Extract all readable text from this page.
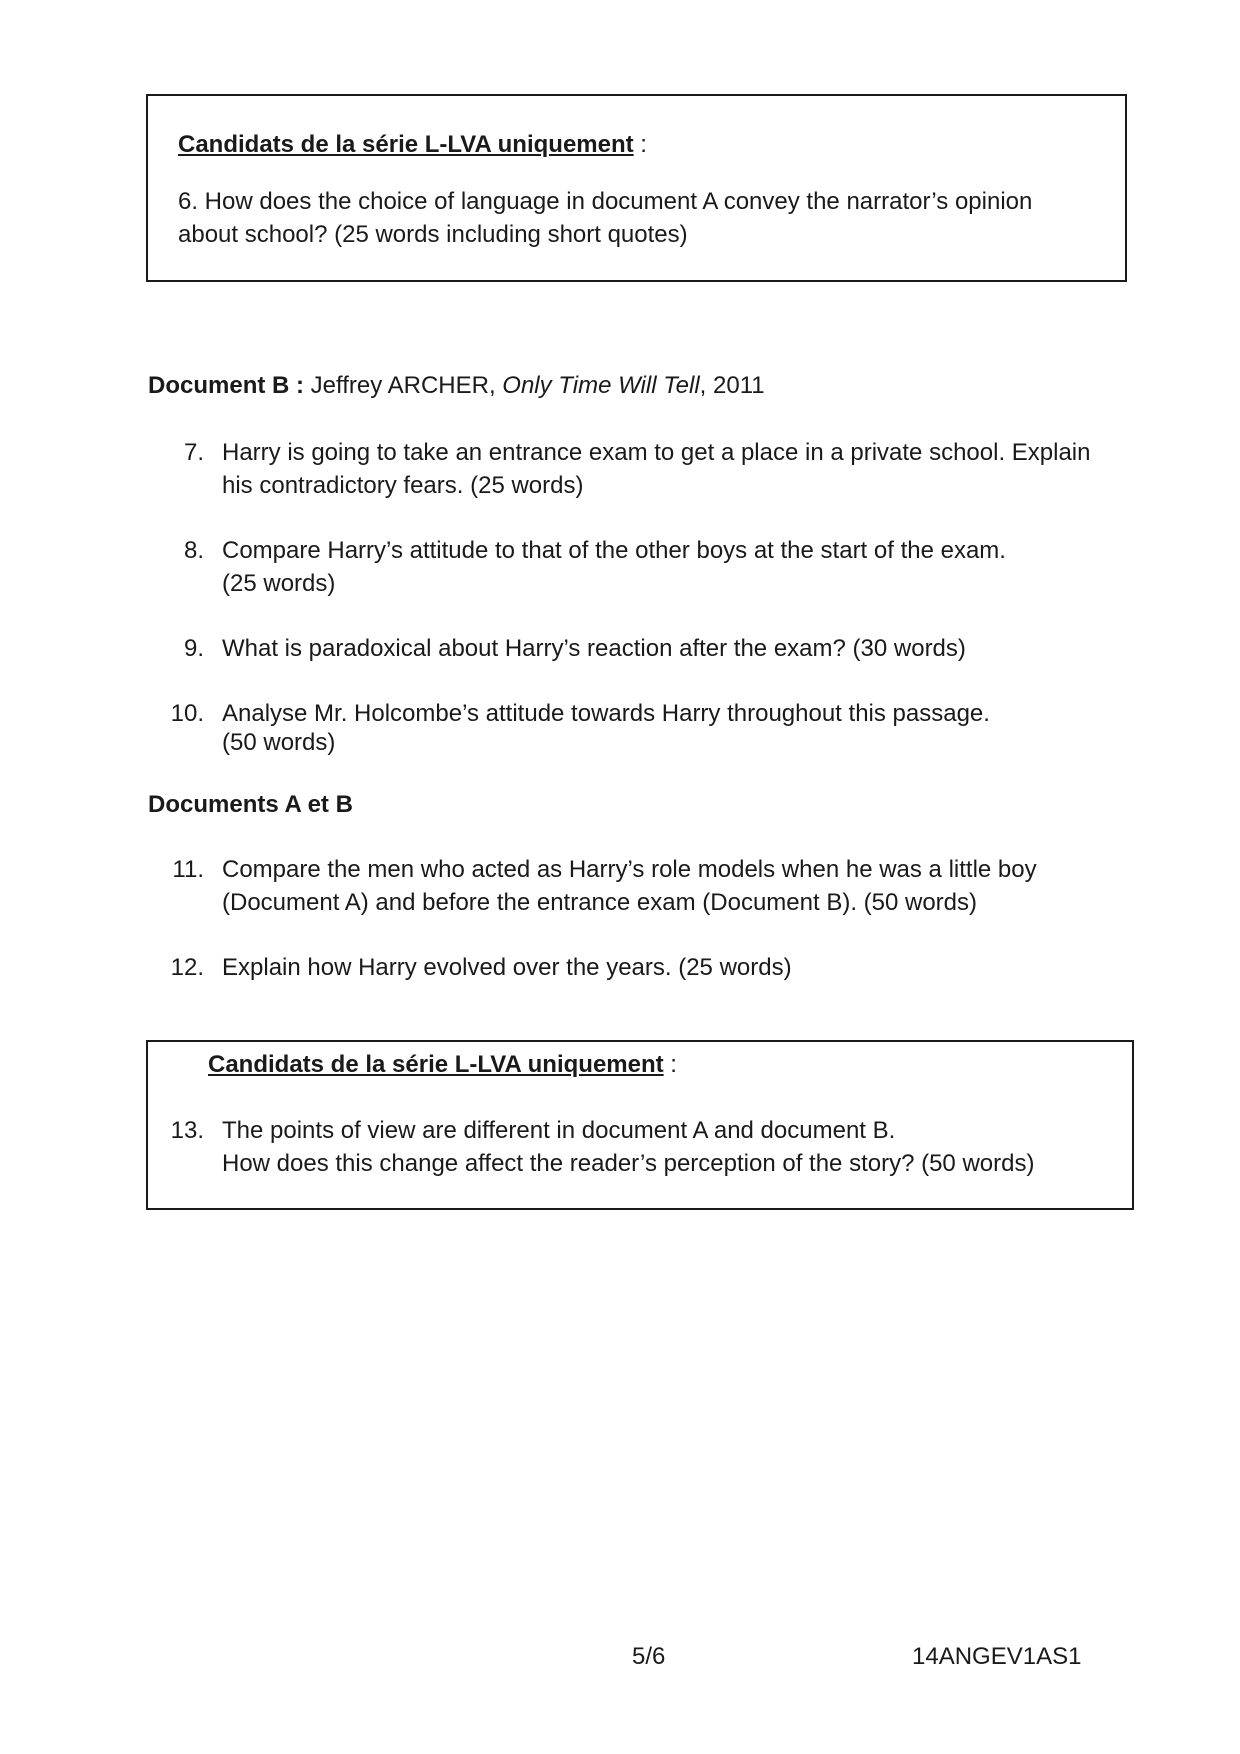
Candidats de la série L-LVA uniquement :
6. How does the choice of language in document A convey the narrator’s opinion
about school? (25 words including short quotes)
Document B : Jeffrey ARCHER, Only Time Will Tell, 2011
7. Harry is going to take an entrance exam to get a place in a private school. Explain
his contradictory fears. (25 words)
8. Compare Harry’s attitude to that of the other boys at the start of the exam.
(25 words)
9. What is paradoxical about Harry’s reaction after the exam? (30 words)
10. Analyse Mr. Holcombe’s attitude towards Harry throughout this passage.
(50 words)
Documents A et B
11. Compare the men who acted as Harry’s role models when he was a little boy
(Document A) and before the entrance exam (Document B). (50 words)
12. Explain how Harry evolved over the years. (25 words)
Candidats de la série L-LVA uniquement :
13. The points of view are different in document A and document B.
How does this change affect the reader’s perception of the story? (50 words)
5/6	14ANGEV1AS1
